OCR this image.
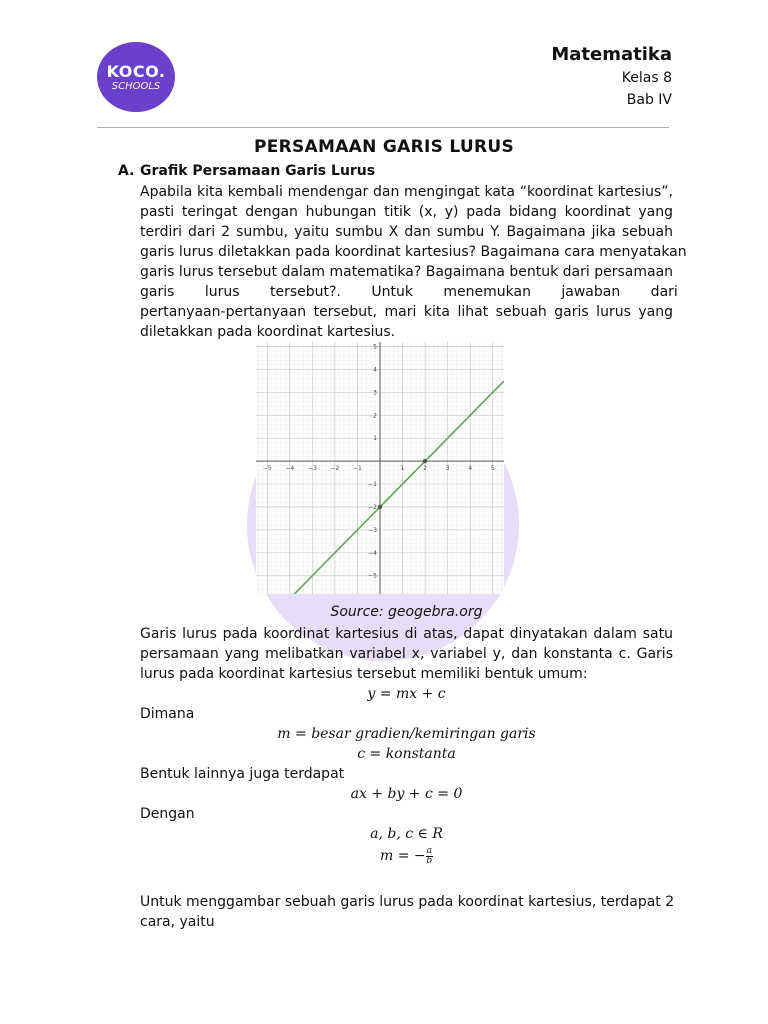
KOCO.
SCHOOLS
Matematika
Kelas 8
Bab IV
PERSAMAAN GARIS LURUS
A. Grafik Persamaan Garis Lurus
Apabila kita kembali mendengar dan mengingat kata “koordinat kartesius”,
pasti teringat dengan hubungan titik (x, y) pada bidang koordinat yang
terdiri dari 2 sumbu, yaitu sumbu X dan sumbu Y. Bagaimana jika sebuah
garis lurus diletakkan pada koordinat kartesius? Bagaimana cara menyatakan
garis lurus tersebut dalam matematika? Bagaimana bentuk dari persamaan
garis lurus tersebut?. Untuk menemukan jawaban dari
pertanyaan-pertanyaan tersebut, mari kita lihat sebuah garis lurus yang
diletakkan pada koordinat kartesius.
−5 −4 −3 −2 −1	1	2	3	4	5
5
4
3
2
1
−1
−2
−3
−4
−5
Source: geogebra.org
Garis lurus pada koordinat kartesius di atas, dapat dinyatakan dalam satu
persamaan yang melibatkan variabel x, variabel y, dan konstanta c. Garis
lurus pada koordinat kartesius tersebut memiliki bentuk umum:
y = mx + c
Dimana
m = besar gradien/kemiringan garis
c = konstanta
Bentuk lainnya juga terdapat
ax + by + c = 0
Dengan
a, b, c ∈ R
m = − $\frac{a}{b}$
Untuk menggambar sebuah garis lurus pada koordinat kartesius, terdapat 2
cara, yaitu
